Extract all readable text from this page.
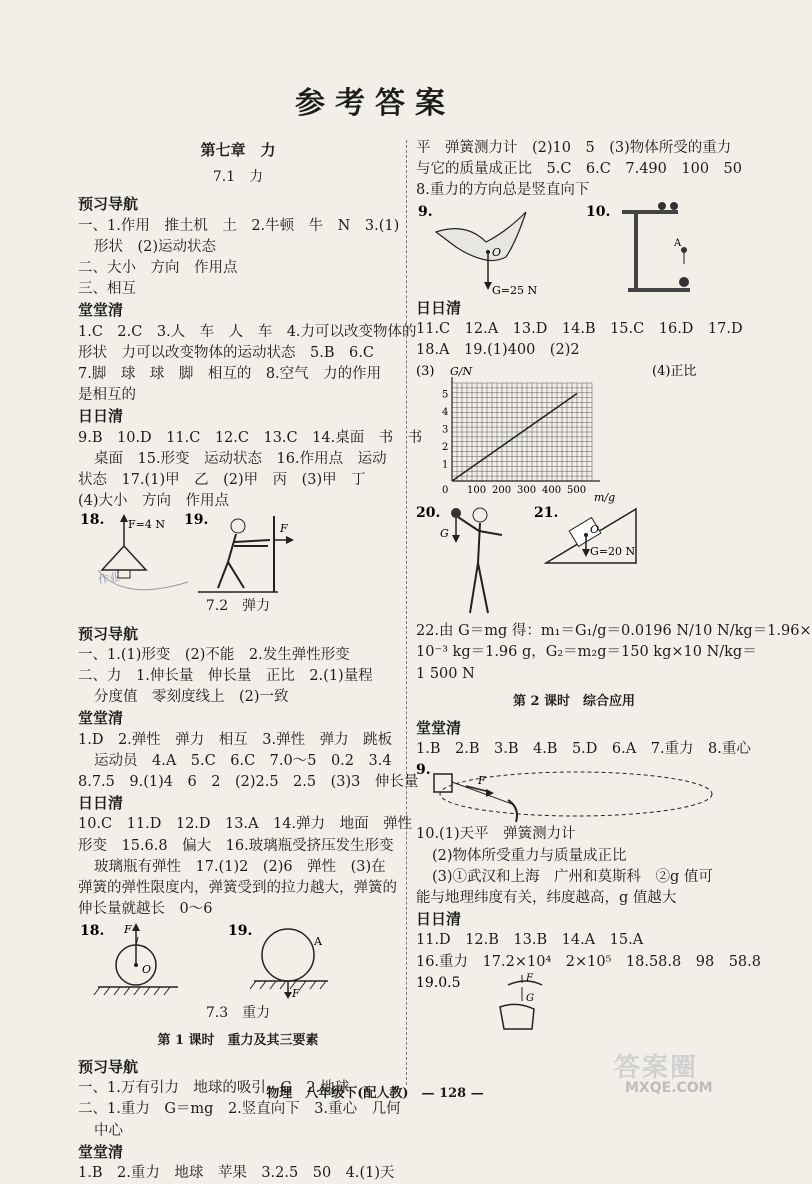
参考答案
第七章　力
7.1　力
预习导航
一、1.作用　推土机　土　2.牛顿　牛　N　3.(1)
形状　(2)运动状态
二、大小　方向　作用点
三、相互
堂堂清
1.C　2.C　3.人　车　人　车　4.力可以改变物体的
形状　力可以改变物体的运动状态　5.B　6.C
7.脚　球　球　脚　相互的　8.空气　力的作用
是相互的
日日清
9.B　10.D　11.C　12.C　13.C　14.桌面　书　书
桌面　15.形变　运动状态　16.作用点　运动
状态　17.(1)甲　乙　(2)甲　丙　(3)甲　丁
(4)大小　方向　作用点
18. F=4 N 19.
F
作业
7.2　弹力
预习导航
一、1.(1)形变　(2)不能　2.发生弹性形变
二、力　1.伸长量　伸长量　正比　2.(1)量程
分度值　零刻度线上　(2)一致
堂堂清
1.D　2.弹性　弹力　相互　3.弹性　弹力　跳板
运动员　4.A　5.C　6.C　7.0～5　0.2　3.4
8.7.5　9.(1)4　6　2　(2)2.5　2.5　(3)3　伸长量
日日清
10.C　11.D　12.D　13.A　14.弹力　地面　弹性
形变　15.6.8　偏大　16.玻璃瓶受挤压发生形变
玻璃瓶有弹性　17.(1)2　(2)6　弹性　(3)在
弹簧的弹性限度内，弹簧受到的拉力越大，弹簧的
伸长量就越长　0～6
18. F
O
19.
A
F
7.3　重力
第 1 课时　重力及其三要素
预习导航
一、1.万有引力　地球的吸引　G　2.地球
二、1.重力　G＝mg　2.竖直向下　3.重心　几何
中心
堂堂清
1.B　2.重力　地球　苹果　3.2.5　50　4.(1)天
平　弹簧测力计　(2)10　5　(3)物体所受的重力
与它的质量成正比　5.C　6.C　7.490　100　50
8.重力的方向总是竖直向下
9.
O
G=25 N
10.
A
日日清
11.C　12.A　13.D　14.B　15.C　16.D　17.D
18.A　19.(1)400　(2)2
(3)	(4)正比
G/N
m/g
100 200 300 400 500
1
2
3
4
5
0
20.
G
21.
O
G=20 N
22.由 G＝mg 得：m₁＝G₁/g＝0.0196 N/10 N/kg＝1.96×
10⁻³ kg＝1.96 g，G₂＝m₂g＝150 kg×10 N/kg＝
1 500 N
第 2 课时　综合应用
堂堂清
1.B　2.B　3.B　4.B　5.D　6.A　7.重力　8.重心
9.
F
10.(1)天平　弹簧测力计
(2)物体所受重力与质量成正比
(3)①武汉和上海　广州和莫斯科　②g 值可
能与地理纬度有关，纬度越高，g 值越大
日日清
11.D　12.B　13.B　14.A　15.A
16.重力　17.2×10⁴　2×10⁵　18.58.8　98　58.8
19.0.5	F
G
物理　八年级下(配人教)　— 128 —
答案圈
MXQE.COM
